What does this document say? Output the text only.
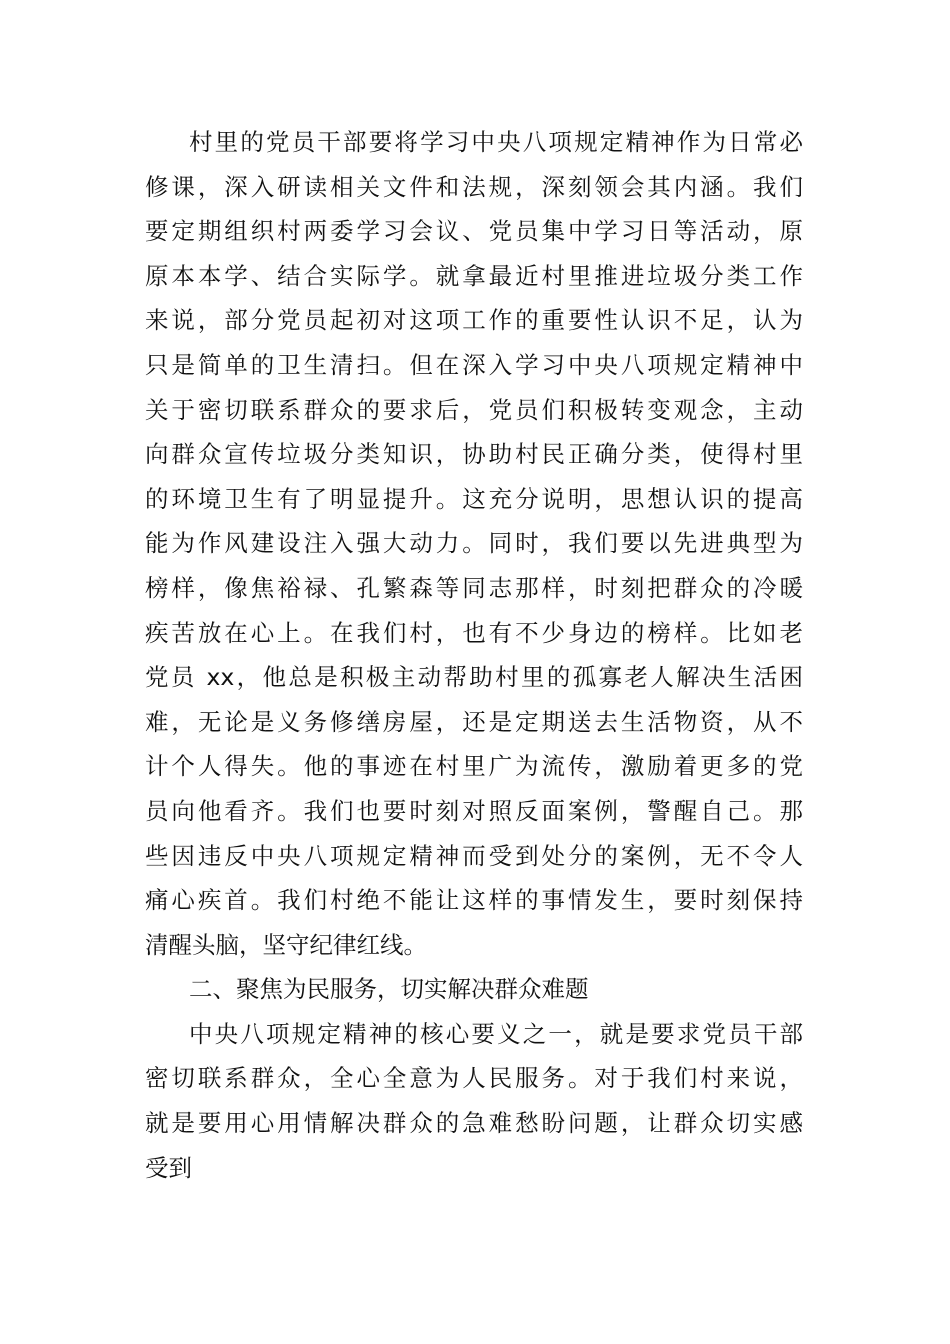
村里的党员干部要将学习中央八项规定精神作为日常必
修课，深入研读相关文件和法规，深刻领会其内涵。我们
要定期组织村两委学习会议、党员集中学习日等活动，原
原本本学、结合实际学。就拿最近村里推进垃圾分类工作
来说，部分党员起初对这项工作的重要性认识不足，认为
只是简单的卫生清扫。但在深入学习中央八项规定精神中
关于密切联系群众的要求后，党员们积极转变观念，主动
向群众宣传垃圾分类知识，协助村民正确分类，使得村里
的环境卫生有了明显提升。这充分说明，思想认识的提高
能为作风建设注入强大动力。同时，我们要以先进典型为
榜样，像焦裕禄、孔繁森等同志那样，时刻把群众的冷暖
疾苦放在心上。在我们村，也有不少身边的榜样。比如老
党员 xx，他总是积极主动帮助村里的孤寡老人解决生活困
难，无论是义务修缮房屋，还是定期送去生活物资，从不
计个人得失。他的事迹在村里广为流传，激励着更多的党
员向他看齐。我们也要时刻对照反面案例，警醒自己。那
些因违反中央八项规定精神而受到处分的案例，无不令人
痛心疾首。我们村绝不能让这样的事情发生，要时刻保持
清醒头脑，坚守纪律红线。
二、聚焦为民服务，切实解决群众难题
中央八项规定精神的核心要义之一，就是要求党员干部
密切联系群众，全心全意为人民服务。对于我们村来说，
就是要用心用情解决群众的急难愁盼问题，让群众切实感
受到
